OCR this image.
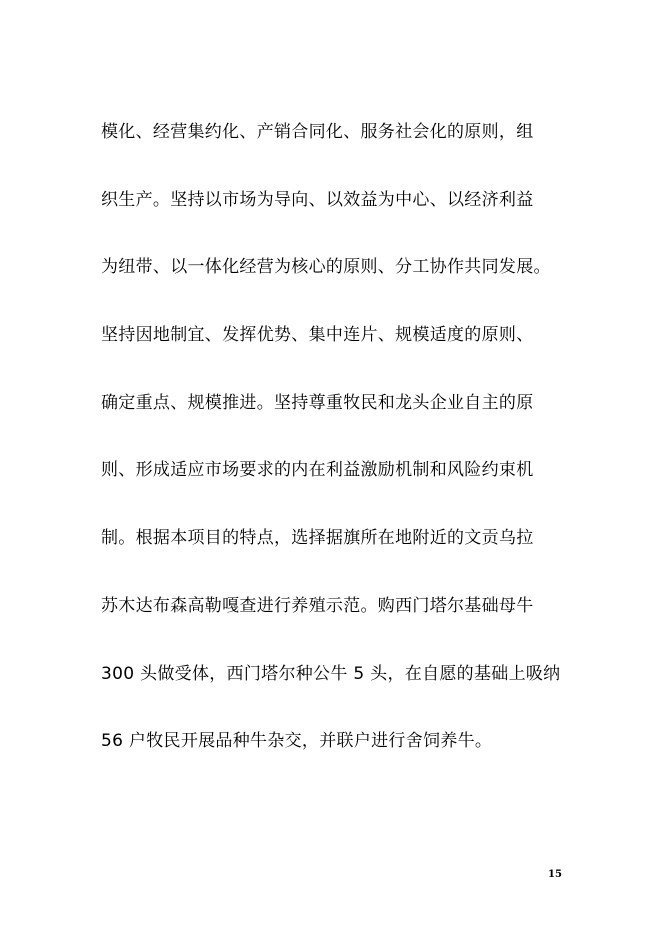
模化、经营集约化、产销合同化、服务社会化的原则，组
织生产。坚持以市场为导向、以效益为中心、以经济利益
为纽带、以一体化经营为核心的原则、分工协作共同发展。
坚持因地制宜、发挥优势、集中连片、规模适度的原则、
确定重点、规模推进。坚持尊重牧民和龙头企业自主的原
则、形成适应市场要求的内在利益激励机制和风险约束机
制。根据本项目的特点，选择据旗所在地附近的文贡乌拉
苏木达布森高勒嘎查进行养殖示范。购西门塔尔基础母牛
300 头做受体，西门塔尔种公牛 5 头，在自愿的基础上吸纳
56 户牧民开展品种牛杂交，并联户进行舍饲养牛。
15
